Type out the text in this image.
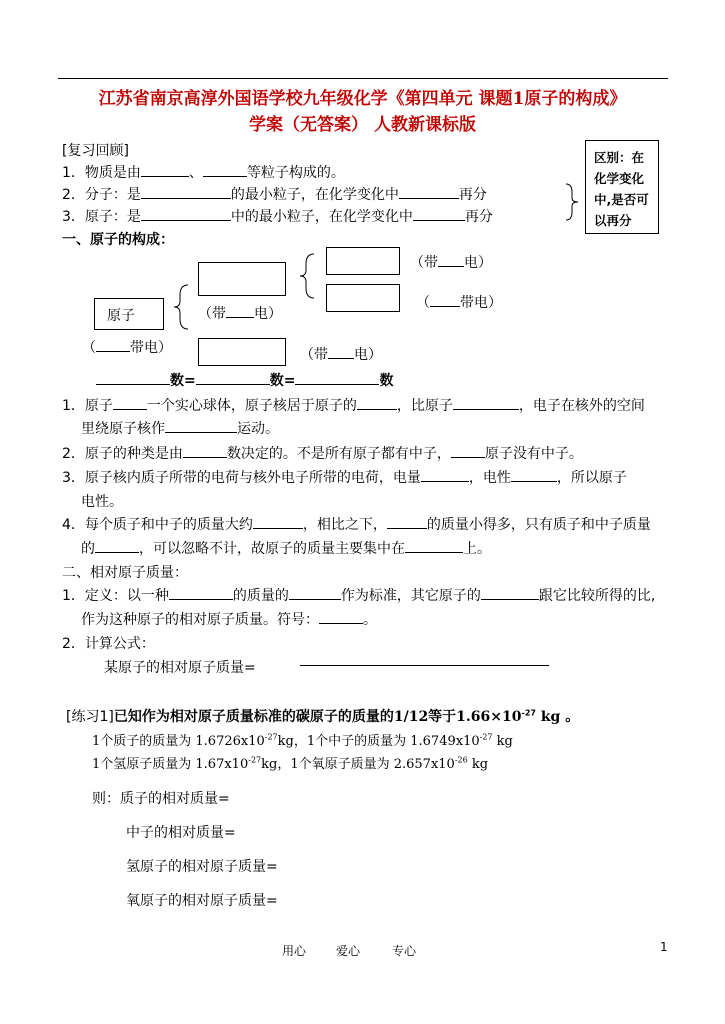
江苏省南京高淳外国语学校九年级化学《第四单元 课题1原子的构成》
学案（无答案） 人教新课标版
[复习回顾]
1．物质是由	、	等粒子构成的。
2．分子：是	的最小粒子，在化学变化中	再分
3．原子：是	中的最小粒子，在化学变化中	再分
区别：在
化学变化
中,是否可
以再分
一、原子的构成：
原子
（ 带电）
（带 电）
（带 电）
（带 电）
（ 带电）
数=	数=	数
1．原子 一个实心球体，原子核居于原子的	，比原子	，电子在核外的空间
里绕原子核作	运动。
2．原子的种类是由	数决定的。不是所有原子都有中子， 原子没有中子。
3．原子核内质子所带的电荷与核外电子所带的电荷，电量	，电性	，所以原子
电性。
4．每个质子和中子的质量大约	，相比之下，	的质量小得多，只有质子和中子质量
的	，可以忽略不计，故原子的质量主要集中在	上。
二、相对原子质量：
1．定义：以一种	的质量的	作为标准，其它原子的	跟它比较所得的比,
作为这种原子的相对原子质量。符号：	。
2．计算公式：
某原子的相对原子质量=
[练习1]已知作为相对原子质量标准的碳原子的质量的1/12等于$1.66\times 10^{-27}$ kg 。
1个质子的质量为 $1.6726x10^{-27}kg$，1个中子的质量为 $1.6749x10^{-27}$ kg
1个氢原子质量为 $1.67x10^{-27}kg$，1个氧原子质量为 $2.657x10^{-26}$ kg
则：质子的相对质量=
中子的相对质量=
氢原子的相对原子质量=
氧原子的相对原子质量=
用心 爱心	专心	1
